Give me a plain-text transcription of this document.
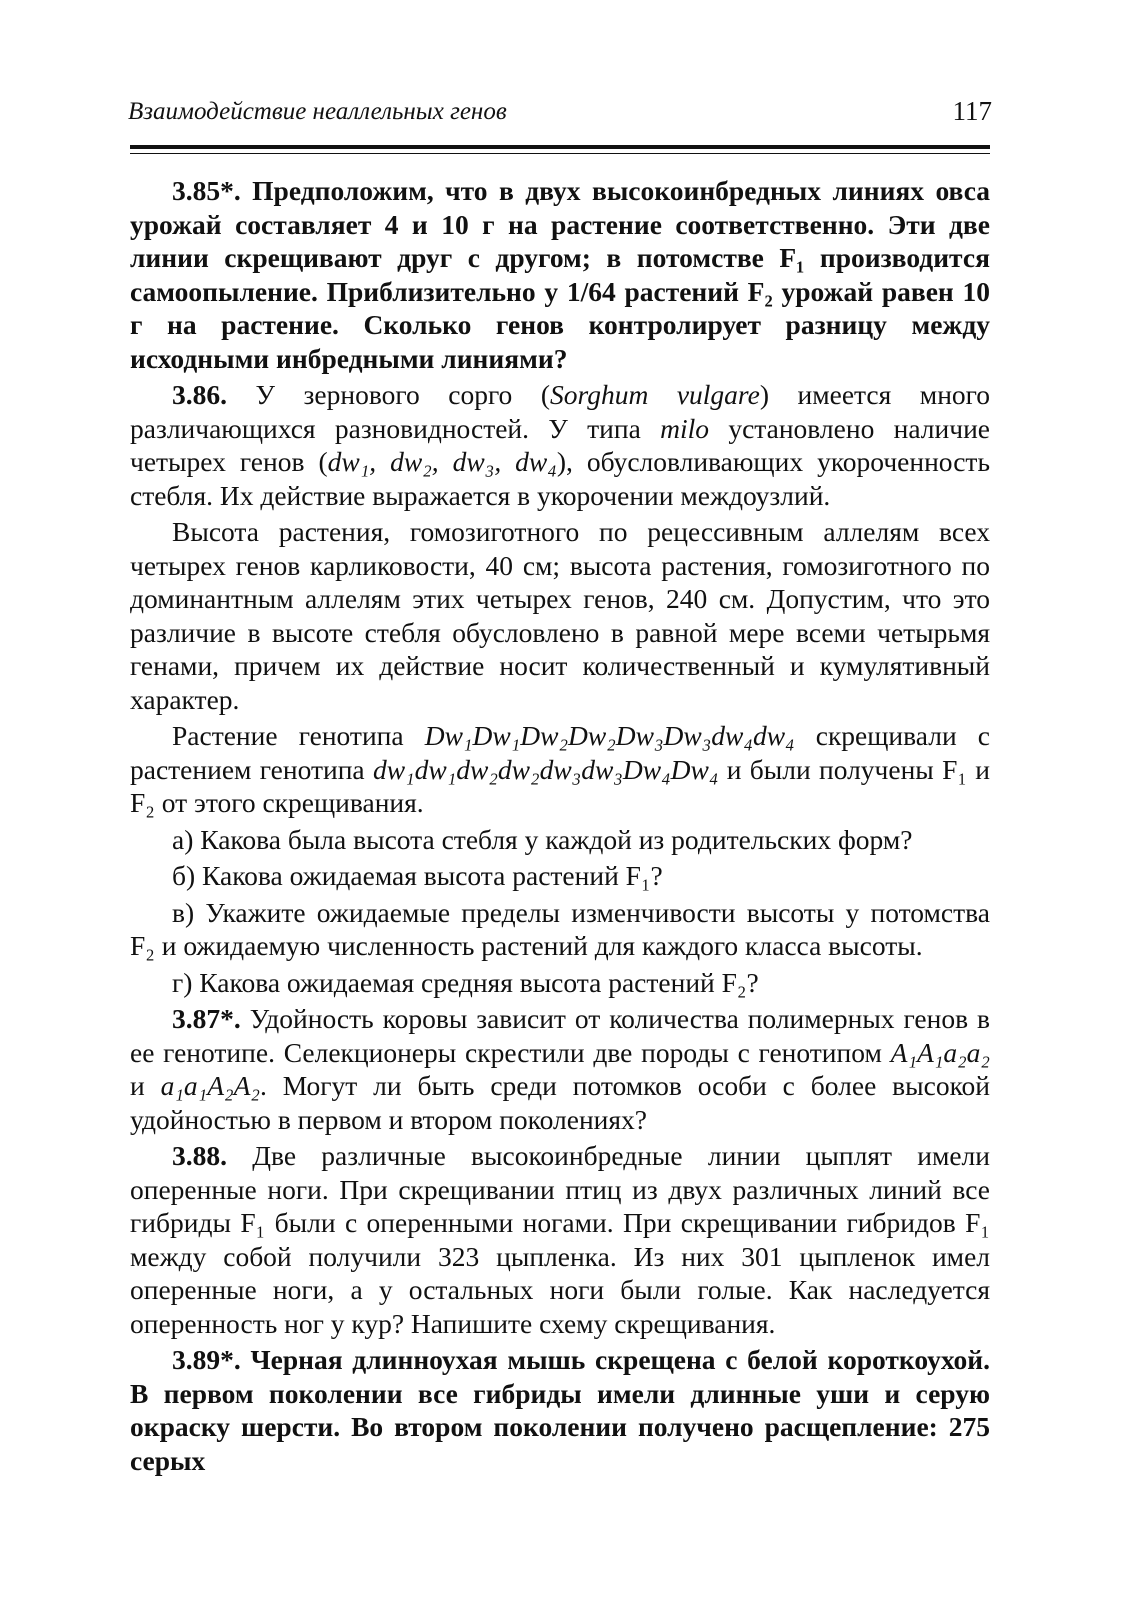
Взаимодействие неаллельных генов	117

3.85*. Предположим, что в двух высокоинбредных линиях овса урожай составляет 4 и 10 г на растение соответственно. Эти две линии скрещивают друг с другом; в потомстве F₁ производится самоопыление. Приблизительно у 1/64 растений F₂ урожай равен 10 г на растение. Сколько генов контролирует разницу между исходными инбредными линиями?

3.86. У зернового сорго (Sorghum vulgare) имеется много различающихся разновидностей. У типа milo установлено наличие четырех генов (dw₁, dw₂, dw₃, dw₄), обусловливающих укороченность стебля. Их действие выражается в укорочении междоузлий.

Высота растения, гомозиготного по рецессивным аллелям всех четырех генов карликовости, 40 см; высота растения, гомозиготного по доминантным аллелям этих четырех генов, 240 см. Допустим, что это различие в высоте стебля обусловлено в равной мере всеми четырьмя генами, причем их действие носит количественный и кумулятивный характер.

Растение генотипа Dw₁Dw₁Dw₂Dw₂Dw₃Dw₃dw₄dw₄ скрещивали с растением генотипа dw₁dw₁dw₂dw₂dw₃dw₃Dw₄Dw₄ и были получены F₁ и F₂ от этого скрещивания.

а) Какова была высота стебля у каждой из родительских форм?

б) Какова ожидаемая высота растений F₁?

в) Укажите ожидаемые пределы изменчивости высоты у потомства F₂ и ожидаемую численность растений для каждого класса высоты.

г) Какова ожидаемая средняя высота растений F₂?

3.87*. Удойность коровы зависит от количества полимерных генов в ее генотипе. Селекционеры скрестили две породы с генотипом A₁A₁a₂a₂ и a₁a₁A₂A₂. Могут ли быть среди потомков особи с более высокой удойностью в первом и втором поколениях?

3.88. Две различные высокоинбредные линии цыплят имели оперенные ноги. При скрещивании птиц из двух различных линий все гибриды F₁ были с оперенными ногами. При скрещивании гибридов F₁ между собой получили 323 цыпленка. Из них 301 цыпленок имел оперенные ноги, а у остальных ноги были голые. Как наследуется оперенность ног у кур? Напишите схему скрещивания.

3.89*. Черная длинноухая мышь скрещена с белой короткоухой. В первом поколении все гибриды имели длинные уши и серую окраску шерсти. Во втором поколении получено расщепление: 275 серых
